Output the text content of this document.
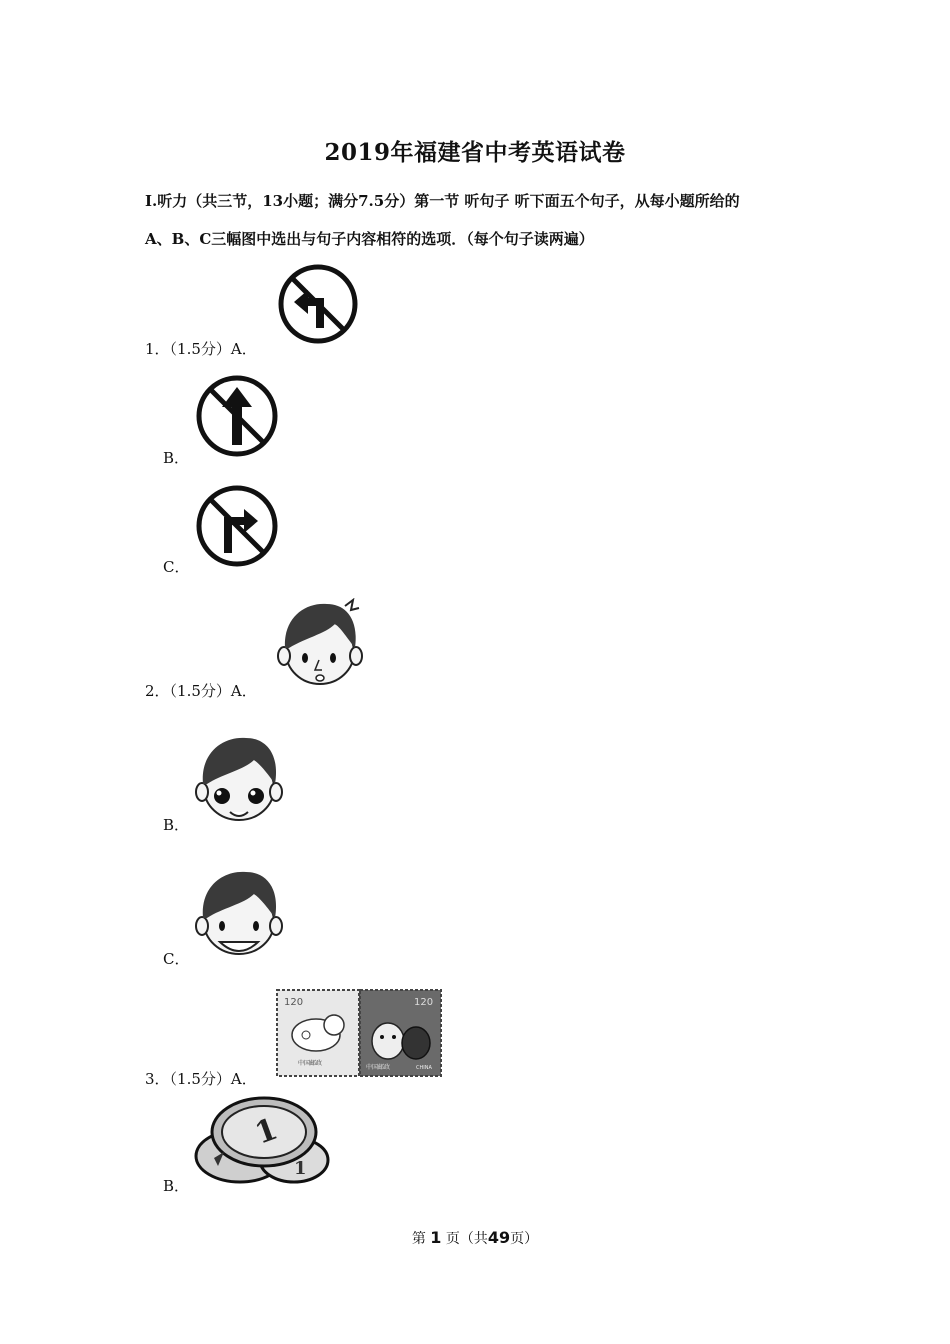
2019年福建省中考英语试卷
Ⅰ.听力（共三节，13小题；满分7.5分）第一节 听句子 听下面五个句子，从每小题所给的
A、B、C三幅图中选出与句子内容相符的选项．（每个句子读两遍）
1．（1.5分）A．
B．
C．
2．（1.5分）A．
B．
C．
3．（1.5分）A．
120	120
中国邮政
中国邮政	CHINA
B．
1
1
第 1 页（共49页）
